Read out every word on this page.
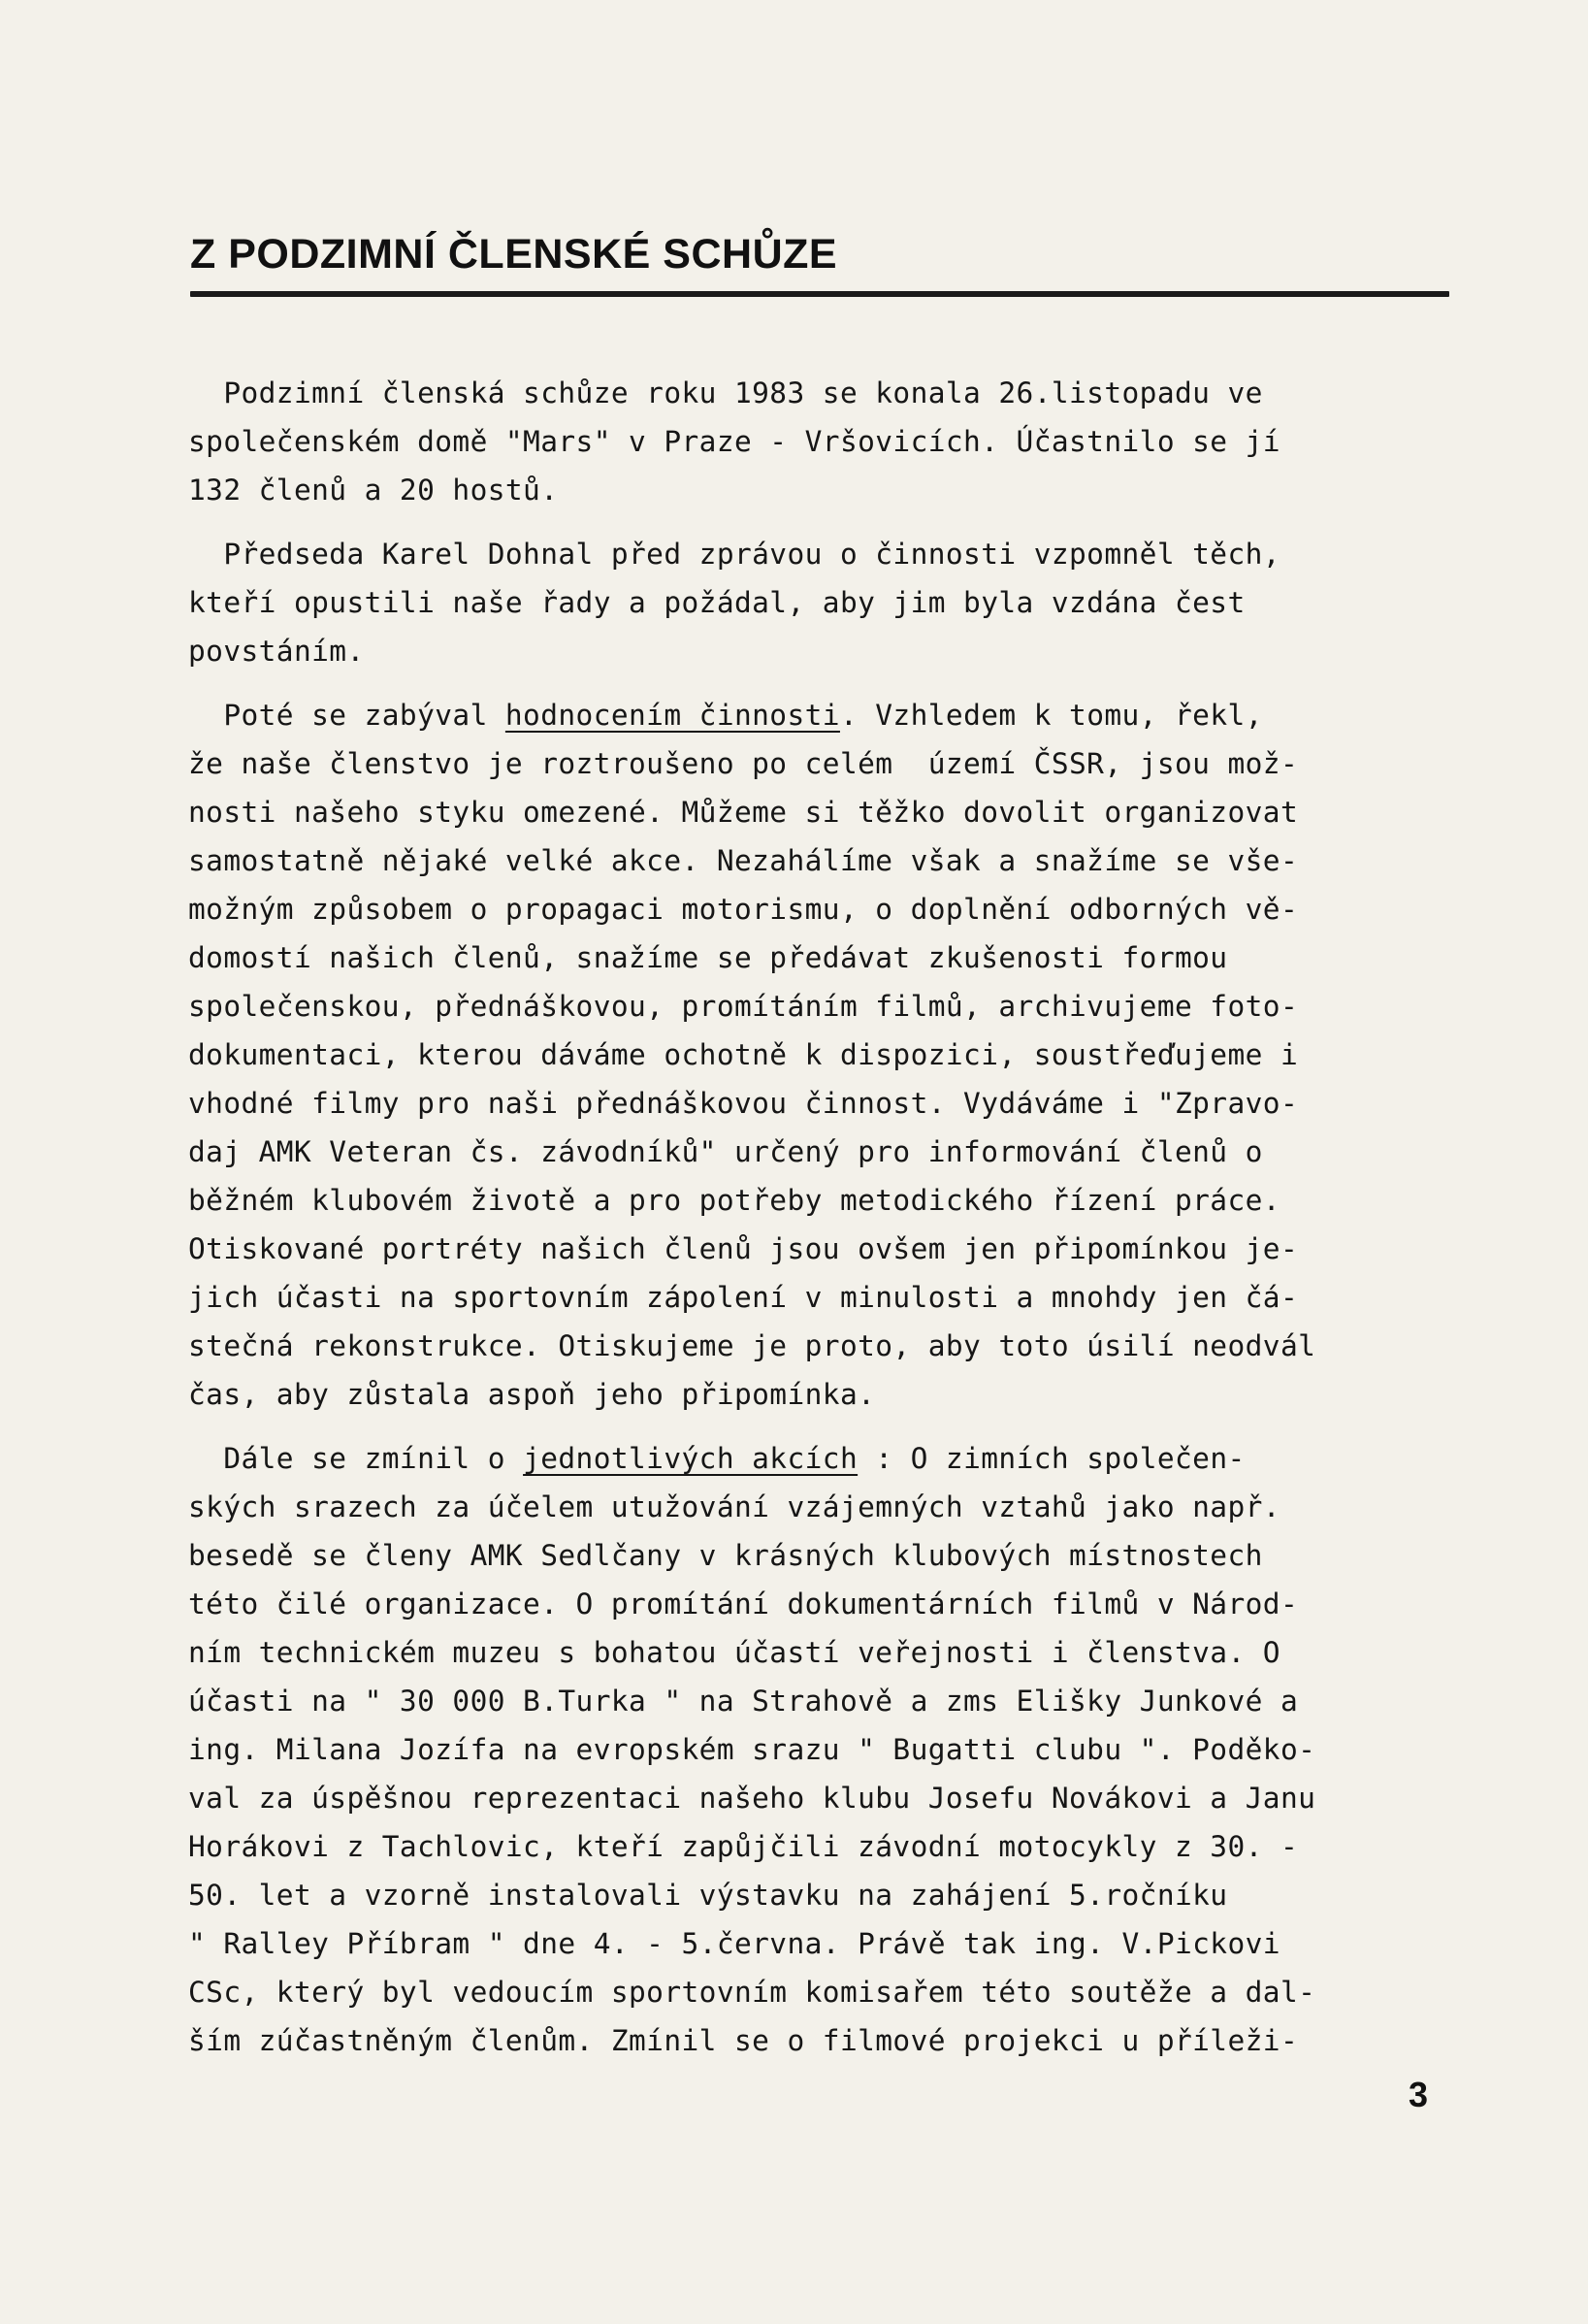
Z PODZIMNÍ ČLENSKÉ SCHŮZE
Podzimní členská schůze roku 1983 se konala 26.listopadu ve
společenském domě "Mars" v Praze - Vršovicích. Účastnilo se jí
132 členů a 20 hostů.
Předseda Karel Dohnal před zprávou o činnosti vzpomněl těch,
kteří opustili naše řady a požádal, aby jim byla vzdána čest
povstáním.
Poté se zabýval hodnocením činnosti. Vzhledem k tomu, řekl,
že naše členstvo je roztroušeno po celém  území ČSSR, jsou mož-
nosti našeho styku omezené. Můžeme si těžko dovolit organizovat
samostatně nějaké velké akce. Nezahálíme však a snažíme se vše-
možným způsobem o propagaci motorismu, o doplnění odborných vě-
domostí našich členů, snažíme se předávat zkušenosti formou
společenskou, přednáškovou, promítáním filmů, archivujeme foto-
dokumentaci, kterou dáváme ochotně k dispozici, soustřeďujeme i
vhodné filmy pro naši přednáškovou činnost. Vydáváme i "Zpravo-
daj AMK Veteran čs. závodníků" určený pro informování členů o
běžném klubovém životě a pro potřeby metodického řízení práce.
Otiskované portréty našich členů jsou ovšem jen připomínkou je-
jich účasti na sportovním zápolení v minulosti a mnohdy jen čá-
stečná rekonstrukce. Otiskujeme je proto, aby toto úsilí neodvál
čas, aby zůstala aspoň jeho připomínka.
Dále se zmínil o jednotlivých akcích : O zimních společen-
ských srazech za účelem utužování vzájemných vztahů jako např.
besedě se členy AMK Sedlčany v krásných klubových místnostech
této čilé organizace. O promítání dokumentárních filmů v Národ-
ním technickém muzeu s bohatou účastí veřejnosti i členstva. O
účasti na " 30 000 B.Turka " na Strahově a zms Elišky Junkové a
ing. Milana Jozífa na evropském srazu " Bugatti clubu ". Poděko-
val za úspěšnou reprezentaci našeho klubu Josefu Novákovi a Janu
Horákovi z Tachlovic, kteří zapůjčili závodní motocykly z 30. -
50. let a vzorně instalovali výstavku na zahájení 5.ročníku
" Ralley Příbram " dne 4. - 5.června. Právě tak ing. V.Pickovi
CSc, který byl vedoucím sportovním komisařem této soutěže a dal-
ším zúčastněným členům. Zmínil se o filmové projekci u příleži-
3
